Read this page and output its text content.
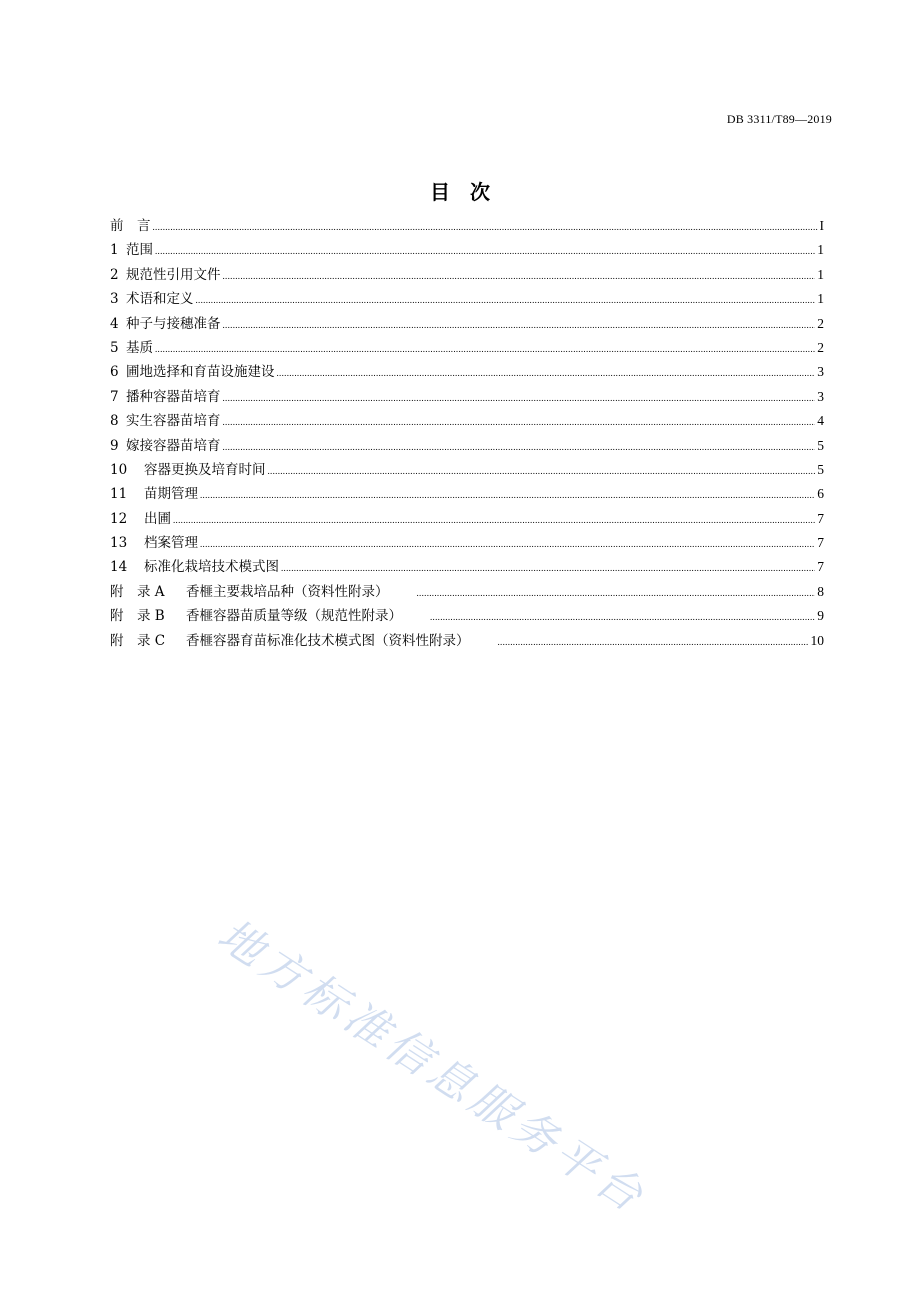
DB 3311/T89—2019
目　次
前　言 .....	I
1 范围 .....	1
2 规范性引用文件 .....	1
3 术语和定义 .....	1
4 种子与接穗准备 .....	2
5 基质 .....	2
6 圃地选择和育苗设施建设 .....	3
7 播种容器苗培育 .....	3
8 实生容器苗培育 .....	4
9 嫁接容器苗培育 .....	5
10	容器更换及培育时间 .....	5
11	苗期管理 .....	6
12	出圃 .....	7
13	档案管理 .....	7
14	标准化栽培技术模式图 .....	7
附　录 A	香榧主要栽培品种（资料性附录） .....	8
附　录 B	香榧容器苗质量等级（规范性附录） .....	9
附　录 C	香榧容器育苗标准化技术模式图（资料性附录） .....	10
地方标准信息服务平台
